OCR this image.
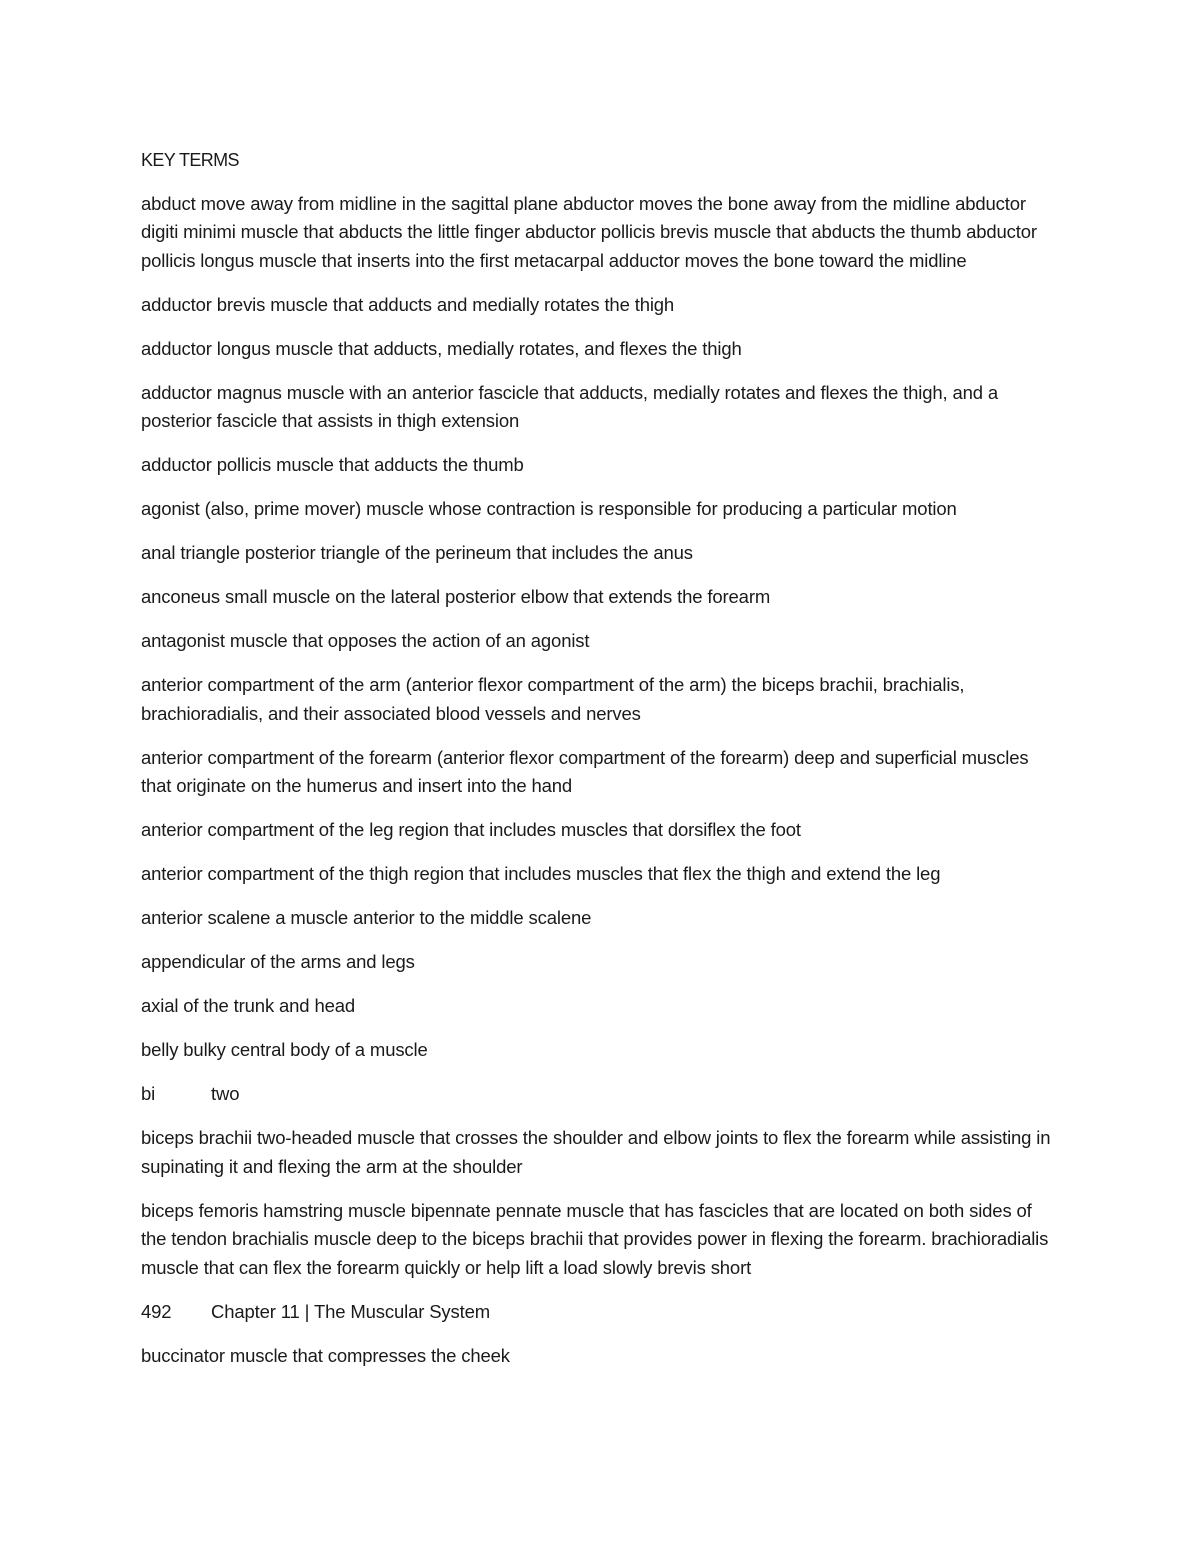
KEY TERMS

abduct move away from midline in the sagittal plane abductor moves the bone away from the midline abductor digiti minimi muscle that abducts the little finger abductor pollicis brevis muscle that abducts the thumb abductor pollicis longus muscle that inserts into the first metacarpal adductor moves the bone toward the midline

adductor brevis muscle that adducts and medially rotates the thigh

adductor longus muscle that adducts, medially rotates, and flexes the thigh

adductor magnus muscle with an anterior fascicle that adducts, medially rotates and flexes the thigh, and a posterior fascicle that assists in thigh extension

adductor pollicis muscle that adducts the thumb

agonist (also, prime mover) muscle whose contraction is responsible for producing a particular motion

anal triangle posterior triangle of the perineum that includes the anus

anconeus small muscle on the lateral posterior elbow that extends the forearm

antagonist muscle that opposes the action of an agonist

anterior compartment of the arm (anterior flexor compartment of the arm) the biceps brachii, brachialis, brachioradialis, and their associated blood vessels and nerves

anterior compartment of the forearm (anterior flexor compartment of the forearm) deep and superficial muscles that originate on the humerus and insert into the hand

anterior compartment of the leg region that includes muscles that dorsiflex the foot

anterior compartment of the thigh region that includes muscles that flex the thigh and extend the leg

anterior scalene a muscle anterior to the middle scalene

appendicular of the arms and legs

axial of the trunk and head

belly bulky central body of a muscle

bi	two

biceps brachii two-headed muscle that crosses the shoulder and elbow joints to flex the forearm while assisting in supinating it and flexing the arm at the shoulder

biceps femoris hamstring muscle bipennate pennate muscle that has fascicles that are located on both sides of the tendon brachialis muscle deep to the biceps brachii that provides power in flexing the forearm. brachioradialis muscle that can flex the forearm quickly or help lift a load slowly brevis short

492 Chapter 11 | The Muscular System

buccinator muscle that compresses the cheek
